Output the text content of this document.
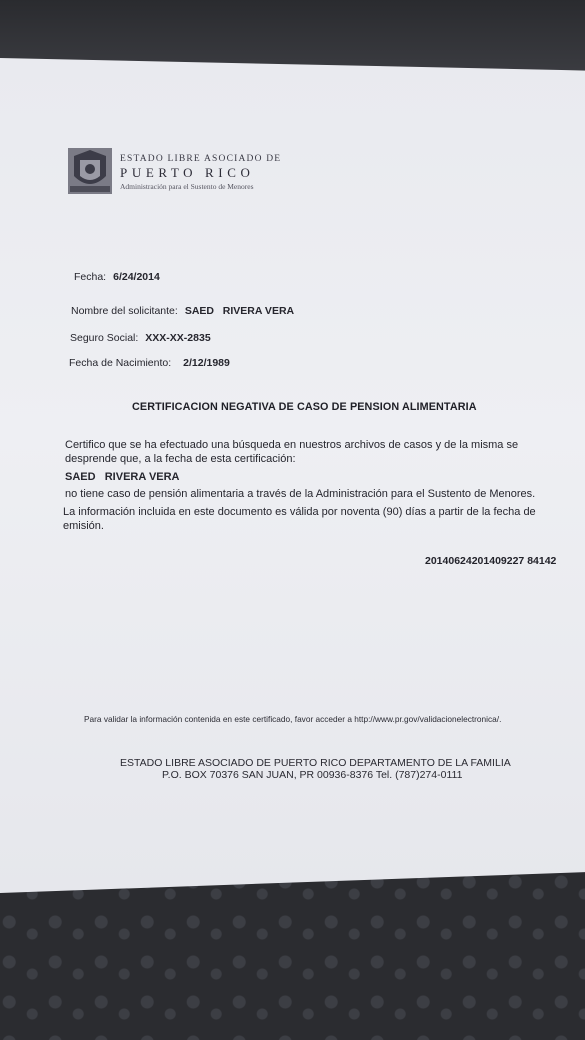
ESTADO LIBRE ASOCIADO DE
PUERTO RICO
Administración para el Sustento de Menores
Fecha: 6/24/2014
Nombre del solicitante: SAED   RIVERA VERA
Seguro Social: XXX-XX-2835
Fecha de Nacimiento: 2/12/1989
CERTIFICACION NEGATIVA DE CASO DE PENSION ALIMENTARIA
Certifico que se ha efectuado una búsqueda en nuestros archivos de casos y de la misma se
desprende que, a la fecha de esta certificación:
SAED   RIVERA VERA
no tiene caso de pensión alimentaria a través de la Administración para el Sustento de Menores.
La información incluida en este documento es válida por noventa (90) días a partir de la fecha de
emisión.
20140624201409227 84142
Para validar la información contenida en este certificado, favor acceder a http://www.pr.gov/validacionelectronica/.
ESTADO LIBRE ASOCIADO DE PUERTO RICO DEPARTAMENTO DE LA FAMILIA
P.O. BOX 70376 SAN JUAN, PR 00936-8376 Tel. (787)274-0111
